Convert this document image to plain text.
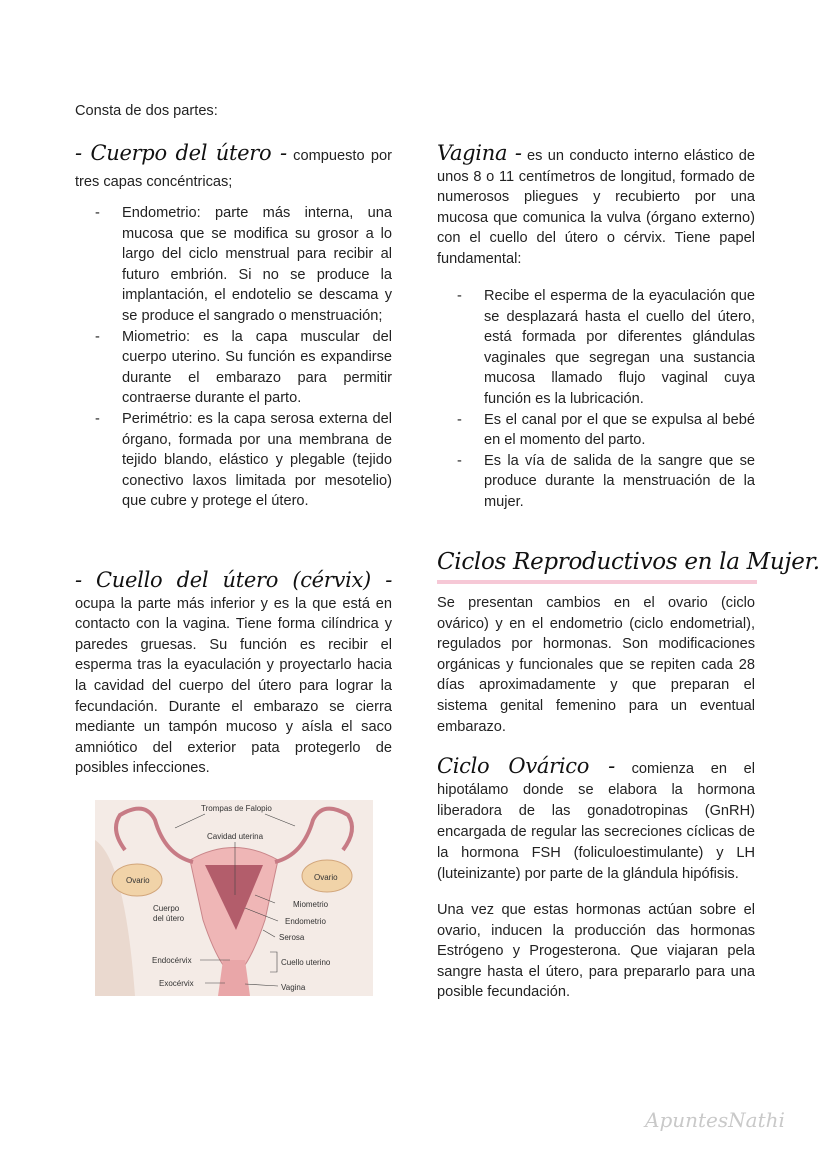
Consta de dos partes:
- Cuerpo del útero - compuesto por tres capas concéntricas;
- Endometrio: parte más interna, una mucosa que se modifica su grosor a lo largo del ciclo menstrual para recibir al futuro embrión. Si no se produce la implantación, el endotelio se descama y se produce el sangrado o menstruación;
- Miometrio: es la capa muscular del cuerpo uterino. Su función es expandirse durante el embarazo para permitir contraerse durante el parto.
- Perimétrio: es la capa serosa externa del órgano, formada por una membrana de tejido blando, elástico y plegable (tejido conectivo laxos limitada por mesotelio) que cubre y protege el útero.
- Cuello del útero (cérvix) - ocupa la parte más inferior y es la que está en contacto con la vagina. Tiene forma cilíndrica y paredes gruesas. Su función es recibir el esperma tras la eyaculación y proyectarlo hacia la cavidad del cuerpo del útero para lograr la fecundación. Durante el embarazo se cierra mediante un tampón mucoso y aísla el saco amniótico del exterior pata protegerlo de posibles infecciones.
Trompas de Falopio
Cavidad uterina
Ovario	Ovario
Cuerpo
del útero
Miometrio
Endometrio
Serosa
Endocérvix	Cuello uterino
Exocérvix	Vagina
Vagina - es un conducto interno elástico de unos 8 o 11 centímetros de longitud, formado de numerosos pliegues y recubierto por una mucosa que comunica la vulva (órgano externo) con el cuello del útero o cérvix. Tiene papel fundamental:
- Recibe el esperma de la eyaculación que se desplazará hasta el cuello del útero, está formada por diferentes glándulas vaginales que segregan una sustancia mucosa llamado flujo vaginal cuya función es la lubricación.
- Es el canal por el que se expulsa al bebé en el momento del parto.
- Es la vía de salida de la sangre que se produce durante la menstruación de la mujer.
Ciclos Reproductivos en la Mujer.
Se presentan cambios en el ovario (ciclo ovárico) y en el endometrio (ciclo endometrial), regulados por hormonas. Son modificaciones orgánicas y funcionales que se repiten cada 28 días aproximadamente y que preparan el sistema genital femenino para un eventual embarazo.
Ciclo Ovárico - comienza en el hipotálamo donde se elabora la hormona liberadora de las gonadotropinas (GnRH) encargada de regular las secreciones cíclicas de la hormona FSH (foliculoestimulante) y LH (luteinizante) por parte de la glándula hipófisis.
Una vez que estas hormonas actúan sobre el ovario, inducen la producción das hormonas Estrógeno y Progesterona. Que viajaran pela sangre hasta el útero, para prepararlo para una posible fecundación.
ApuntesNathi
